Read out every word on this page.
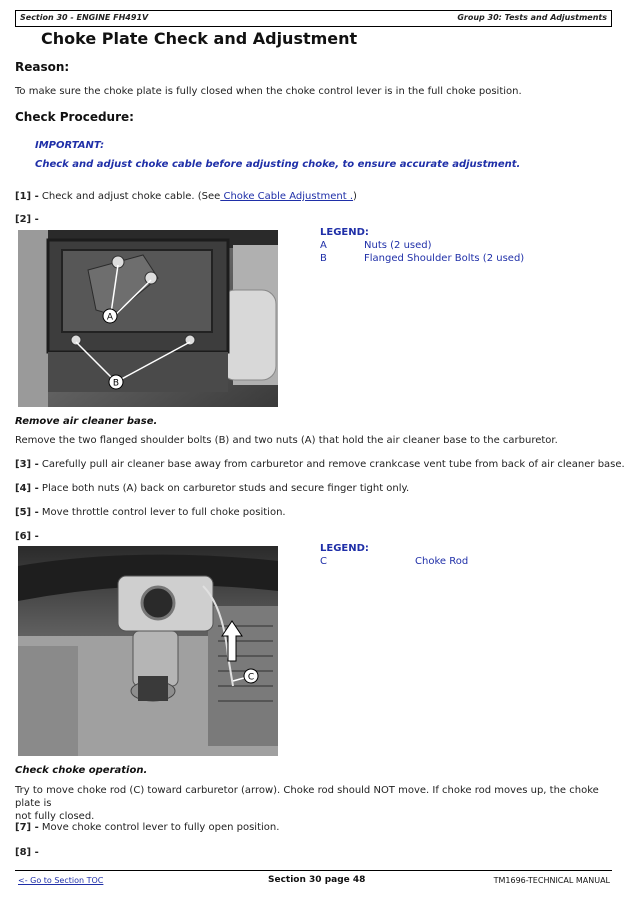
Section 30 - ENGINE FH491V	Group 30: Tests and Adjustments
Choke Plate Check and Adjustment
Reason:
To make sure the choke plate is fully closed when the choke control lever is in the full choke position.
Check Procedure:
IMPORTANT:
Check and adjust choke cable before adjusting choke, to ensure accurate adjustment.
[1] - Check and adjust choke cable. (See Choke Cable Adjustment .)
[2] -
A
B
LEGEND:
A	Nuts (2 used)
B	Flanged Shoulder Bolts (2 used)
Remove air cleaner base.
Remove the two flanged shoulder bolts (B) and two nuts (A) that hold the air cleaner base to the carburetor.
[3] - Carefully pull air cleaner base away from carburetor and remove crankcase vent tube from back of air cleaner base.
[4] - Place both nuts (A) back on carburetor studs and secure finger tight only.
[5] - Move throttle control lever to full choke position.
[6] -
C
LEGEND:
C	Choke Rod
Check choke operation.
Try to move choke rod (C) toward carburetor (arrow). Choke rod should NOT move. If choke rod moves up, the choke plate is
not fully closed.
[7] - Move choke control lever to fully open position.
[8] -
<- Go to Section TOC	Section 30 page 48	TM1696-TECHNICAL MANUAL
